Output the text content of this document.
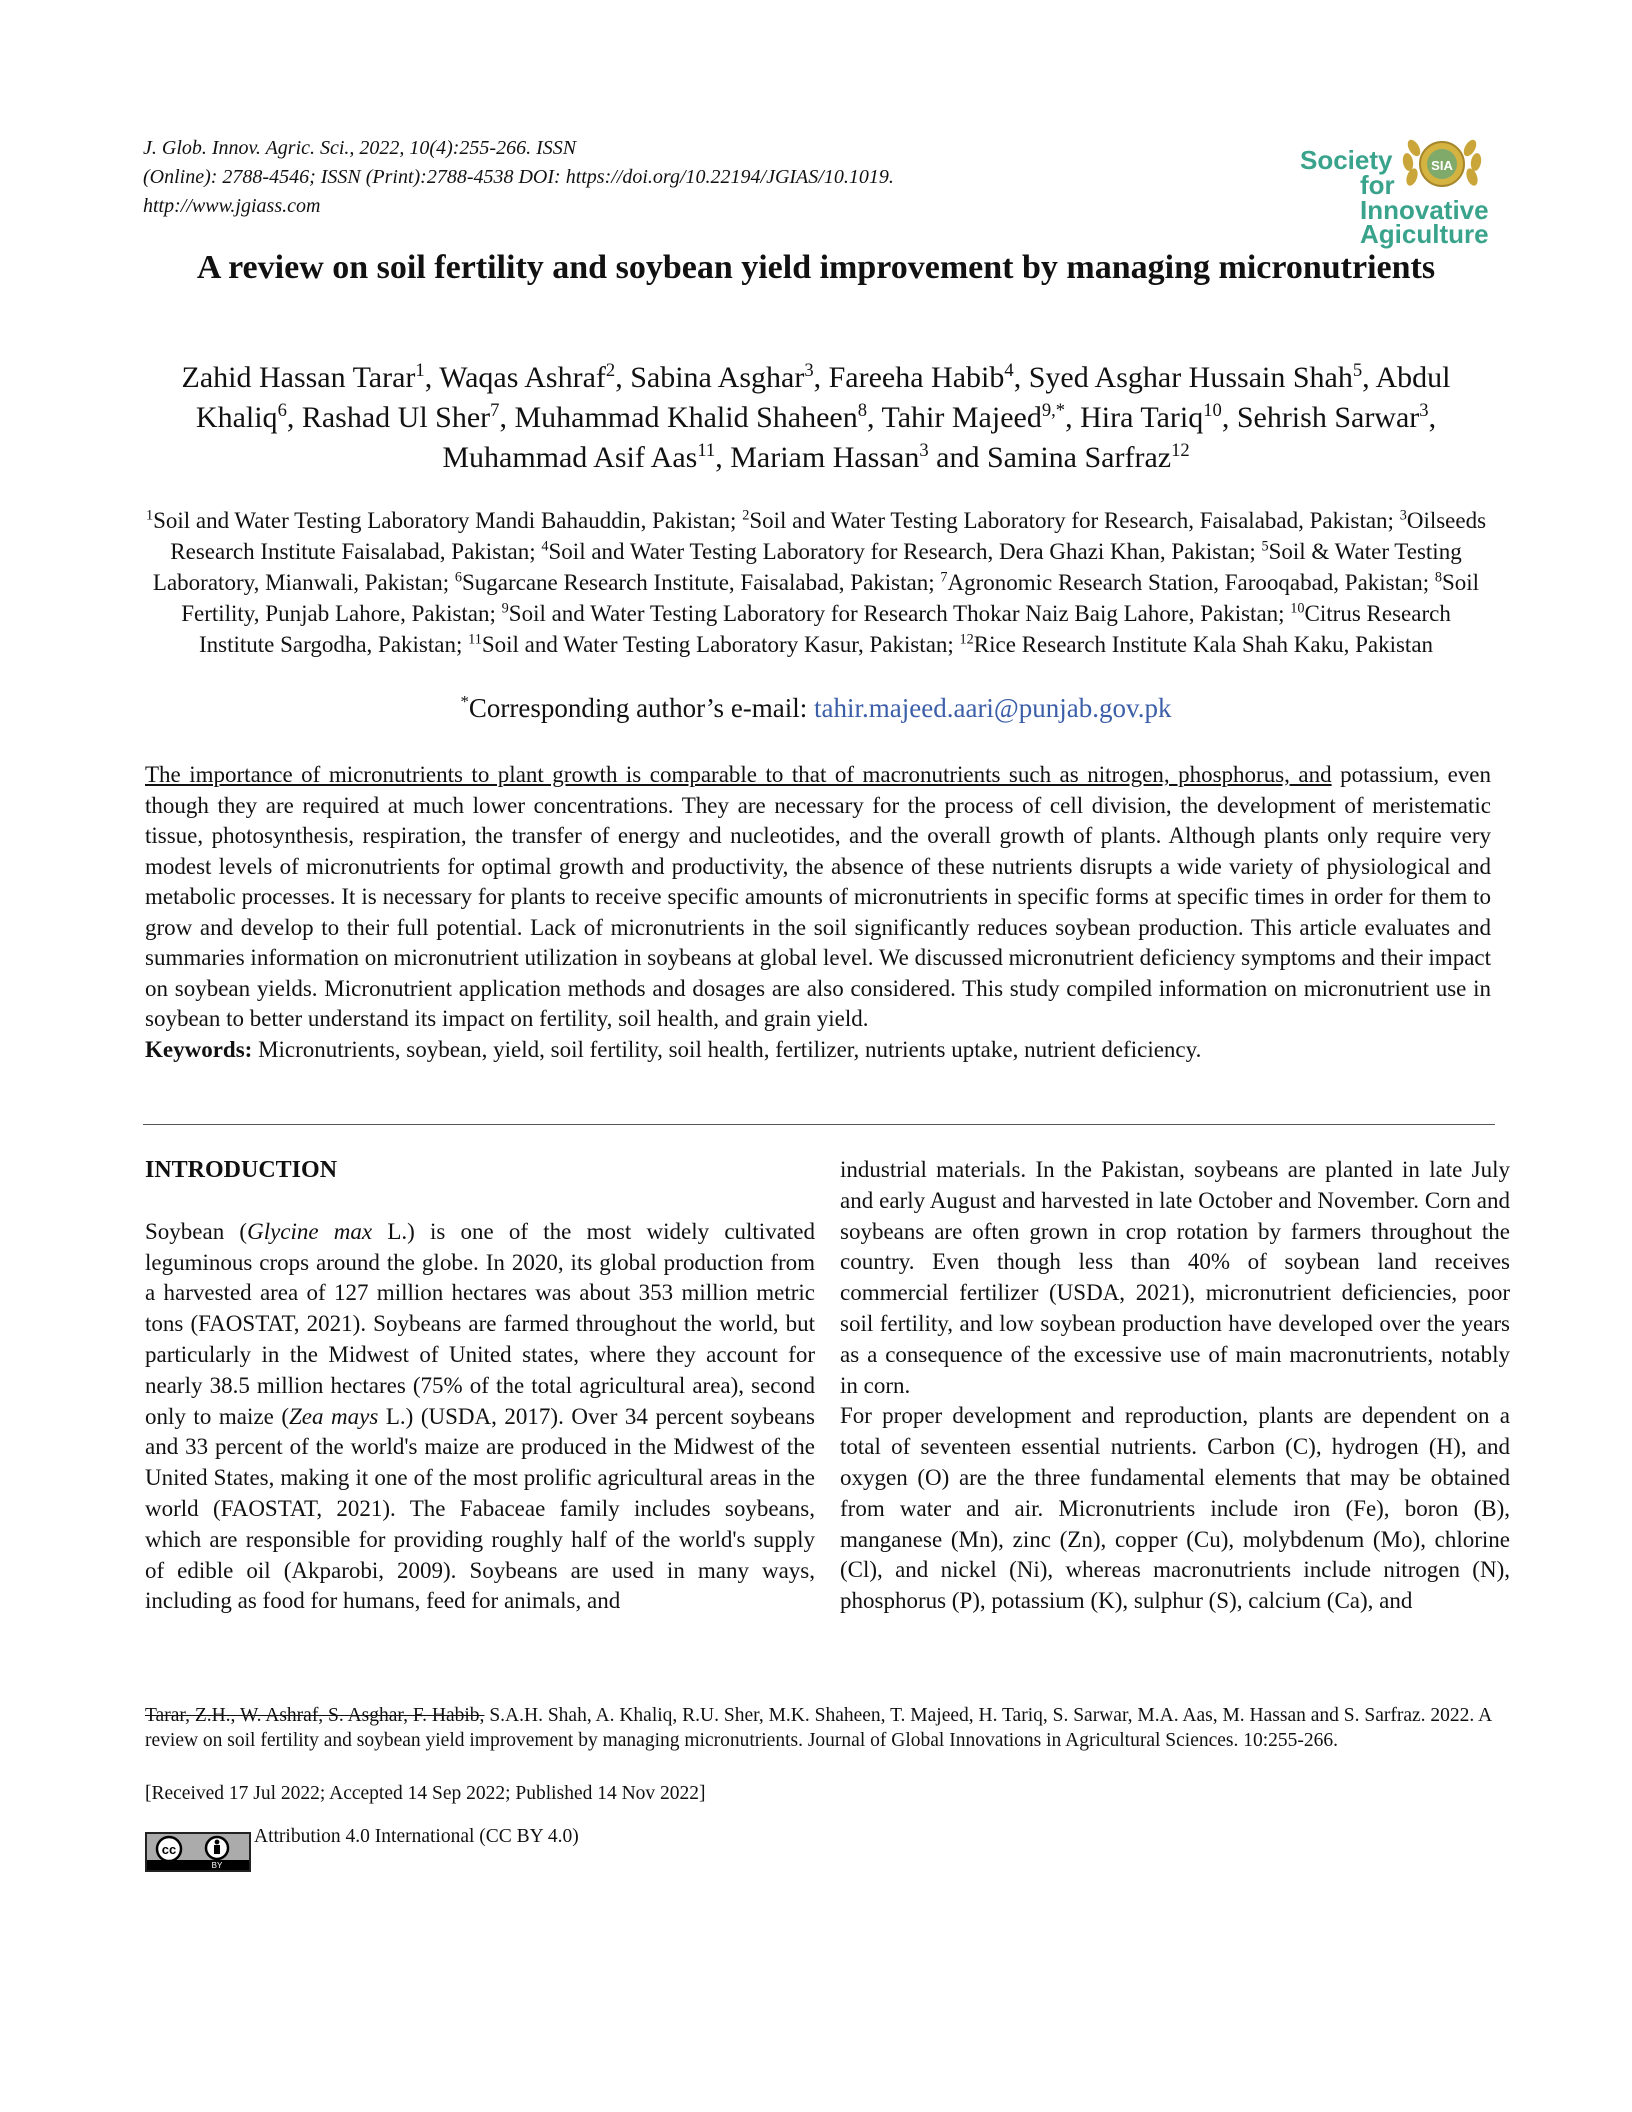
J. Glob. Innov. Agric. Sci., 2022, 10(4):255-266. ISSN
(Online): 2788-4546; ISSN (Print):2788-4538 DOI: https://doi.org/10.22194/JGIAS/10.1019.
http://www.jgiass.com
Society
for
Innovative
Agiculture
SIA
A review on soil fertility and soybean yield improvement by managing micronutrients
Zahid Hassan Tarar$^1$, Waqas Ashraf$^2$, Sabina Asghar$^3$, Fareeha Habib$^4$, Syed Asghar Hussain Shah$^5$, Abdul Khaliq$^6$, Rashad Ul Sher$^7$, Muhammad Khalid Shaheen$^8$, Tahir Majeed$^{9,*}$, Hira Tariq$^{10}$, Sehrish Sarwar$^3$, Muhammad Asif Aas$^{11}$, Mariam Hassan$^3$ and Samina Sarfraz$^{12}$
$^1$Soil and Water Testing Laboratory Mandi Bahauddin, Pakistan; $^2$Soil and Water Testing Laboratory for Research, Faisalabad, Pakistan; $^3$Oilseeds Research Institute Faisalabad, Pakistan; $^4$Soil and Water Testing Laboratory for Research, Dera Ghazi Khan, Pakistan; $^5$Soil & Water Testing Laboratory, Mianwali, Pakistan; $^6$Sugarcane Research Institute, Faisalabad, Pakistan; $^7$Agronomic Research Station, Farooqabad, Pakistan; $^8$Soil Fertility, Punjab Lahore, Pakistan; $^9$Soil and Water Testing Laboratory for Research Thokar Naiz Baig Lahore, Pakistan; $^{10}$Citrus Research Institute Sargodha, Pakistan; $^{11}$Soil and Water Testing Laboratory Kasur, Pakistan; $^{12}$Rice Research Institute Kala Shah Kaku, Pakistan
*Corresponding author’s e-mail: tahir.majeed.aari@punjab.gov.pk
The importance of micronutrients to plant growth is comparable to that of macronutrients such as nitrogen, phosphorus, and potassium, even though they are required at much lower concentrations. They are necessary for the process of cell division, the development of meristematic tissue, photosynthesis, respiration, the transfer of energy and nucleotides, and the overall growth of plants. Although plants only require very modest levels of micronutrients for optimal growth and productivity, the absence of these nutrients disrupts a wide variety of physiological and metabolic processes. It is necessary for plants to receive specific amounts of micronutrients in specific forms at specific times in order for them to grow and develop to their full potential. Lack of micronutrients in the soil significantly reduces soybean production. This article evaluates and summaries information on micronutrient utilization in soybeans at global level. We discussed micronutrient deficiency symptoms and their impact on soybean yields. Micronutrient application methods and dosages are also considered. This study compiled information on micronutrient use in soybean to better understand its impact on fertility, soil health, and grain yield.
Keywords: Micronutrients, soybean, yield, soil fertility, soil health, fertilizer, nutrients uptake, nutrient deficiency.
INTRODUCTION

Soybean (Glycine max L.) is one of the most widely cultivated leguminous crops around the globe. In 2020, its global production from a harvested area of 127 million hectares was about 353 million metric tons (FAOSTAT, 2021). Soybeans are farmed throughout the world, but particularly in the Midwest of United states, where they account for nearly 38.5 million hectares (75% of the total agricultural area), second only to maize (Zea mays L.) (USDA, 2017). Over 34 percent soybeans and 33 percent of the world's maize are produced in the Midwest of the United States, making it one of the most prolific agricultural areas in the world (FAOSTAT, 2021). The Fabaceae family includes soybeans, which are responsible for providing roughly half of the world's supply of edible oil (Akparobi, 2009). Soybeans are used in many ways, including as food for humans, feed for animals, and

industrial materials. In the Pakistan, soybeans are planted in late July and early August and harvested in late October and November. Corn and soybeans are often grown in crop rotation by farmers throughout the country. Even though less than 40% of soybean land receives commercial fertilizer (USDA, 2021), micronutrient deficiencies, poor soil fertility, and low soybean production have developed over the years as a consequence of the excessive use of main macronutrients, notably in corn.

For proper development and reproduction, plants are dependent on a total of seventeen essential nutrients. Carbon (C), hydrogen (H), and oxygen (O) are the three fundamental elements that may be obtained from water and air. Micronutrients include iron (Fe), boron (B), manganese (Mn), zinc (Zn), copper (Cu), molybdenum (Mo), chlorine (Cl), and nickel (Ni), whereas macronutrients include nitrogen (N), phosphorus (P), potassium (K), sulphur (S), calcium (Ca), and

Tarar, Z.H., W. Ashraf, S. Asghar, F. Habib, S.A.H. Shah, A. Khaliq, R.U. Sher, M.K. Shaheen, T. Majeed, H. Tariq, S. Sarwar, M.A. Aas, M. Hassan and S. Sarfraz. 2022. A review on soil fertility and soybean yield improvement by managing micronutrients. Journal of Global Innovations in Agricultural Sciences. 10:255-266.
[Received 17 Jul 2022; Accepted 14 Sep 2022; Published 14 Nov 2022]
cc
BY
Attribution 4.0 International (CC BY 4.0)
